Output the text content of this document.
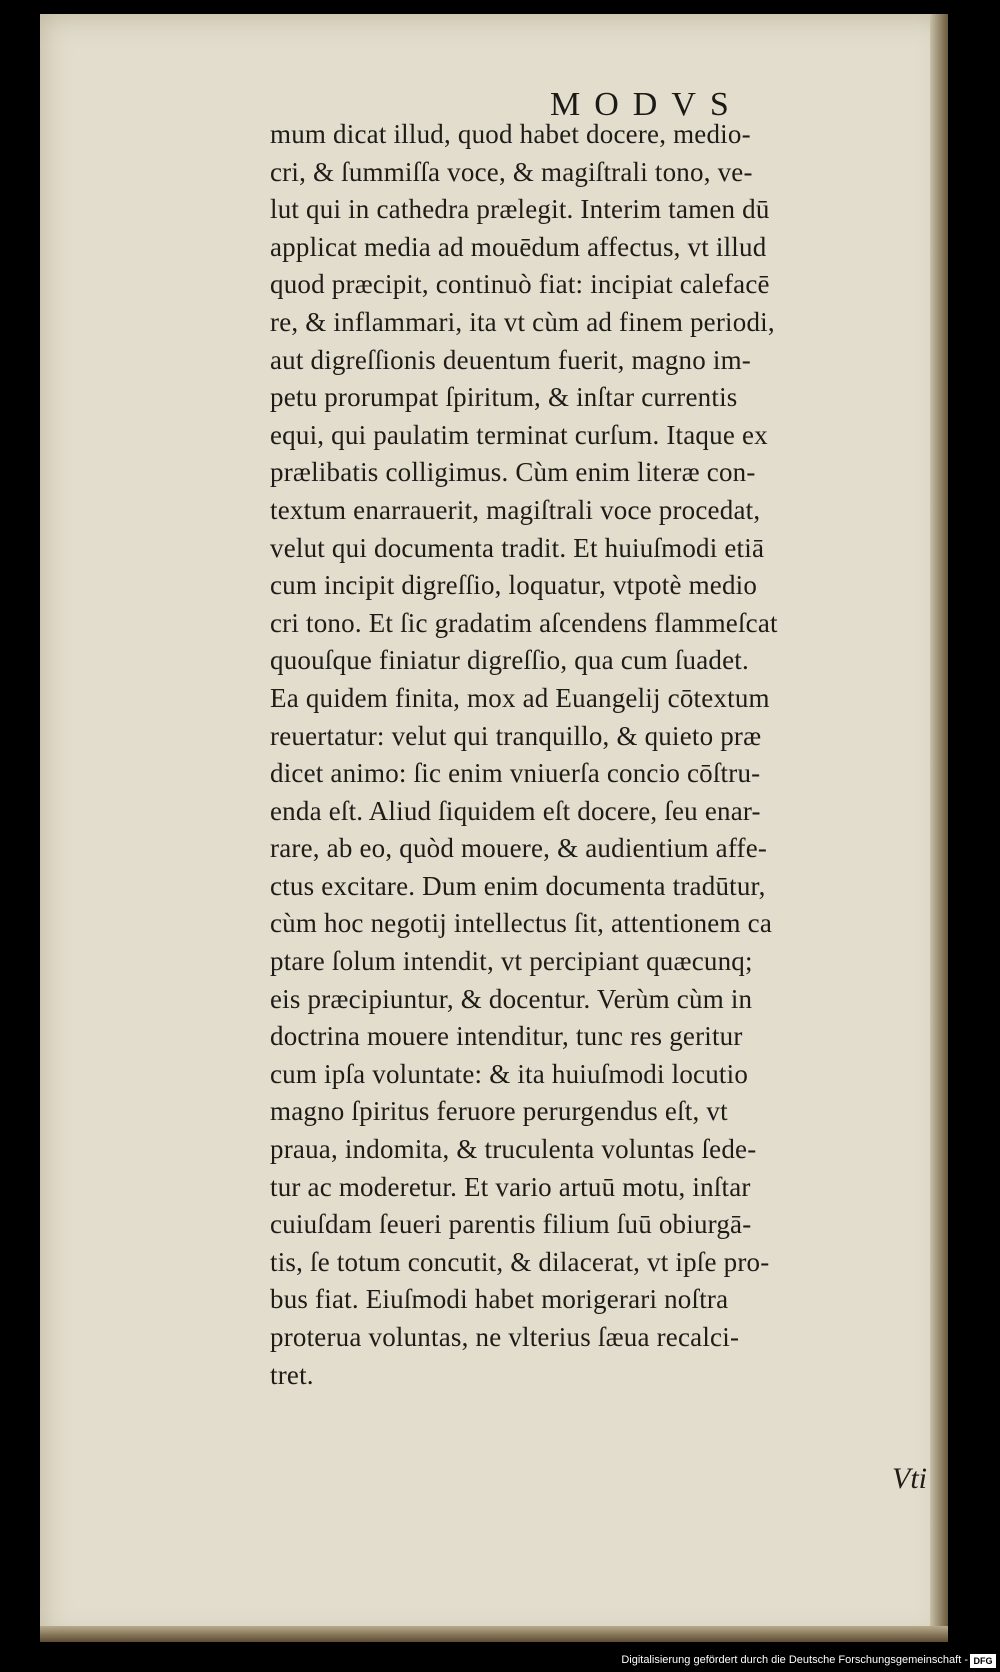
MODVS
mum dicat illud, quod habet docere, medio-
cri, & ſummiſſa voce, & magiſtrali tono, ve-
lut qui in cathedra prælegit. Interim tamen dū
applicat media ad mouēdum affectus, vt illud
quod præcipit, continuò fiat: incipiat calefacē
re, & inflammari, ita vt cùm ad finem periodi,
aut digreſſionis deuentum fuerit, magno im-
petu prorumpat ſpiritum, & inſtar currentis
equi, qui paulatim terminat curſum. Itaque ex
prælibatis colligimus. Cùm enim literæ con-
textum enarrauerit, magiſtrali voce procedat,
velut qui documenta tradit. Et huiuſmodi etiā
cum incipit digreſſio, loquatur, vtpotè medio
cri tono. Et ſic gradatim aſcendens flammeſcat
quouſque finiatur digreſſio, qua cum ſuadet.
Ea quidem finita, mox ad Euangelij cōtextum
reuertatur: velut qui tranquillo, & quieto præ
dicet animo: ſic enim vniuerſa concio cōſtru-
enda eſt. Aliud ſiquidem eſt docere, ſeu enar-
rare, ab eo, quòd mouere, & audientium affe-
ctus excitare. Dum enim documenta tradūtur,
cùm hoc negotij intellectus ſit, attentionem ca
ptare ſolum intendit, vt percipiant quæcunq;
eis præcipiuntur, & docentur. Verùm cùm in
doctrina mouere intenditur, tunc res geritur
cum ipſa voluntate: & ita huiuſmodi locutio
magno ſpiritus feruore perurgendus eſt, vt
praua, indomita, & truculenta voluntas ſede-
tur ac moderetur. Et vario artuū motu, inſtar
cuiuſdam ſeueri parentis filium ſuū obiurgā-
tis, ſe totum concutit, & dilacerat, vt ipſe pro-
bus fiat. Eiuſmodi habet morigerari noſtra
proterua voluntas, ne vlterius ſæua recalci-
tret.
Vti
Digitalisierung gefördert durch die Deutsche Forschungsgemeinschaft - DFG
